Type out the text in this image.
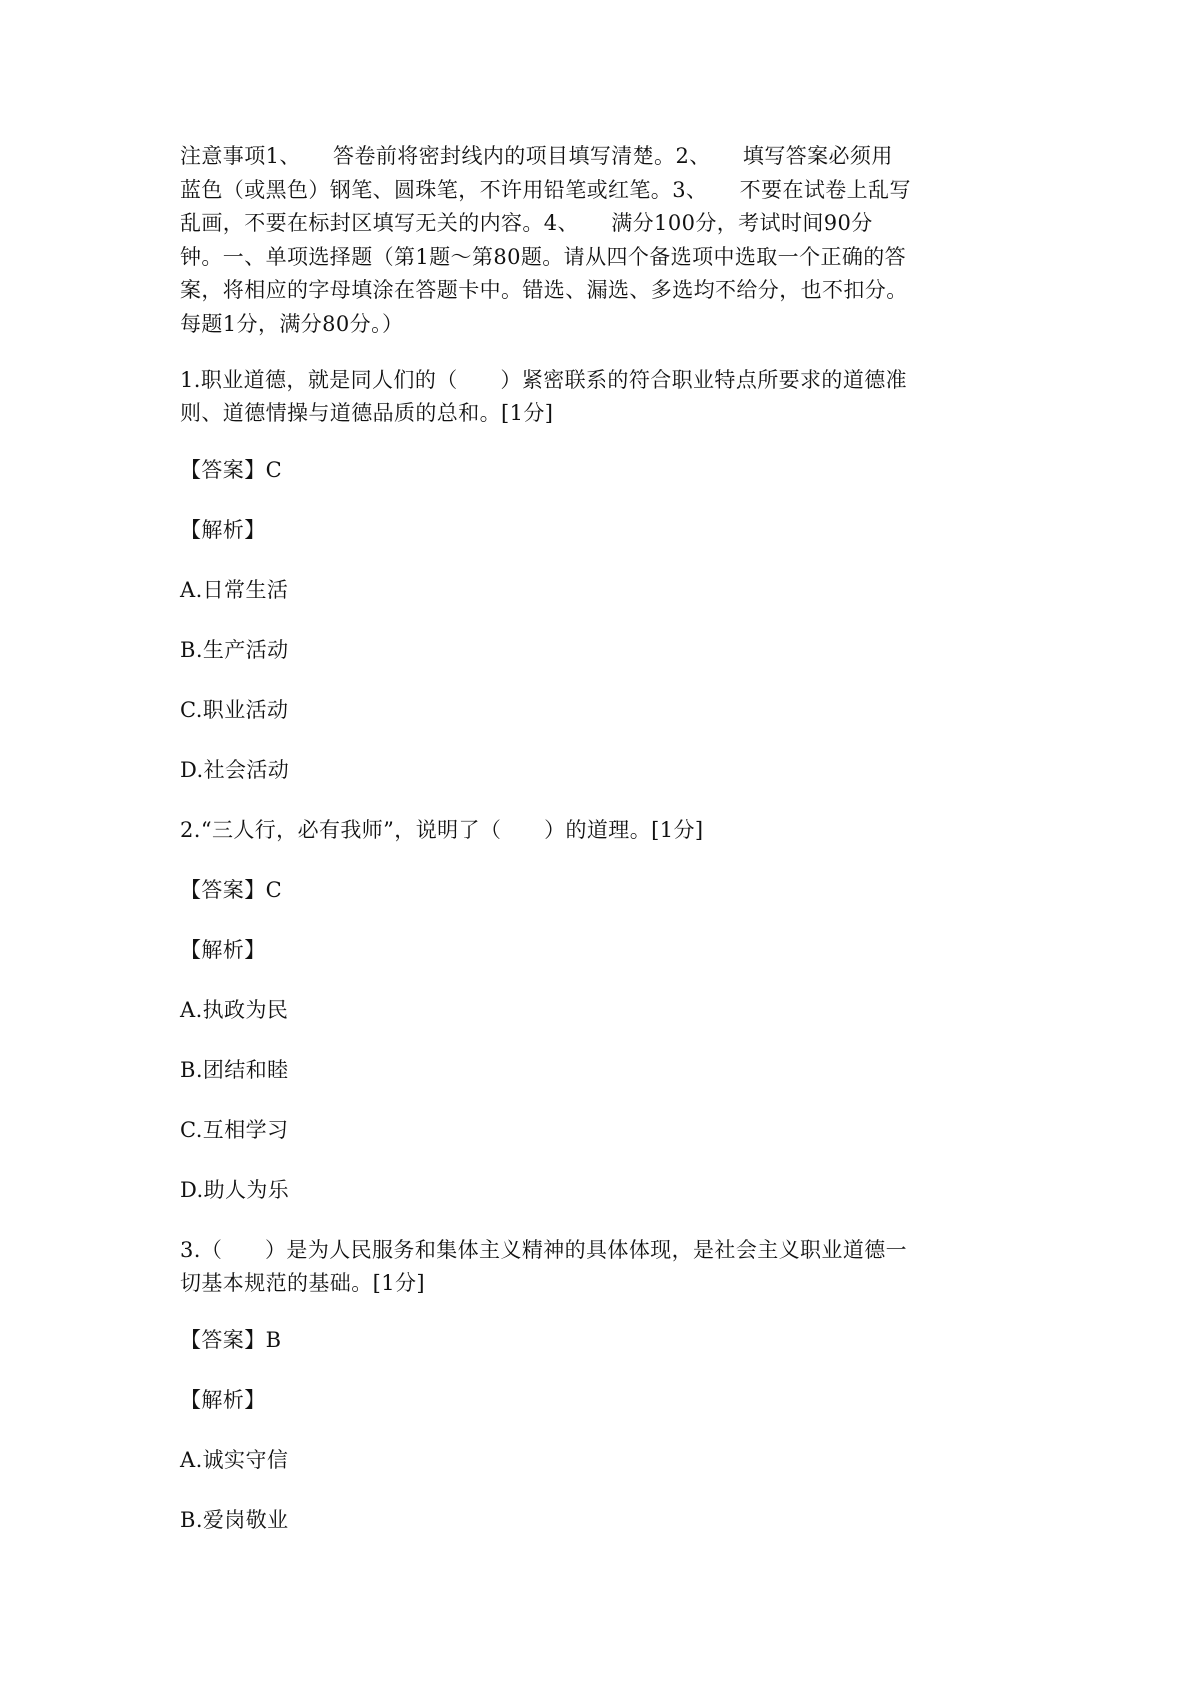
注意事项1、　　答卷前将密封线内的项目填写清楚。2、　　填写答案必须用

蓝色（或黑色）钢笔、圆珠笔，不许用铅笔或红笔。3、　　不要在试卷上乱写

乱画，不要在标封区填写无关的内容。4、　　满分100分，考试时间90分

钟。一、单项选择题（第1题～第80题。请从四个备选项中选取一个正确的答

案，将相应的字母填涂在答题卡中。错选、漏选、多选均不给分，也不扣分。

每题1分，满分80分。）

1.职业道德，就是同人们的（　　）紧密联系的符合职业特点所要求的道德准

则、道德情操与道德品质的总和。[1分]

【答案】C

【解析】

A.日常生活

B.生产活动

C.职业活动

D.社会活动

2.“三人行，必有我师”，说明了（　　）的道理。[1分]

【答案】C

【解析】

A.执政为民

B.团结和睦

C.互相学习

D.助人为乐

3.（　　）是为人民服务和集体主义精神的具体体现，是社会主义职业道德一

切基本规范的基础。[1分]

【答案】B

【解析】

A.诚实守信

B.爱岗敬业
